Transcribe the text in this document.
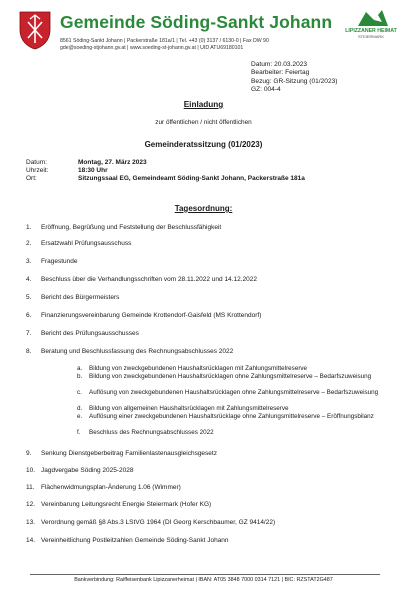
Gemeinde Söding-Sankt Johann
8561 Söding-Sankt Johann | Packerstraße 181a/1 | Tel. +43 (0) 3137 / 6130-0 | Fax DW 90
gde@soeding-stjohann.gv.at | www.soeding-st-johann.gv.at | UID ATU69180101
LIPIZZANER HEIMAT
STEIERMARK
Datum: 20.03.2023
Bearbeiter: Feiertag
Bezug: GR-Sitzung (01/2023)
GZ: 004-4
Einladung
zur öffentlichen / nicht öffentlichen
Gemeinderatssitzung (01/2023)
Datum:	Montag, 27. März 2023
Uhrzeit:	18:30 Uhr
Ort:	Sitzungssaal EG, Gemeindeamt Söding-Sankt Johann, Packerstraße 181a
Tagesordnung:
1.	Eröffnung, Begrüßung und Feststellung der Beschlussfähigkeit
2.	Ersatzwahl Prüfungsausschuss
3.	Fragestunde
4.	Beschluss über die Verhandlungsschriften vom 28.11.2022 und 14.12.2022
5.	Bericht des Bürgermeisters
6.	Finanzierungsvereinbarung Gemeinde Krottendorf-Gaisfeld (MS Krottendorf)
7.	Bericht des Prüfungsausschusses
8.	Beratung und Beschlussfassung des Rechnungsabschlusses 2022
a.	Bildung von zweckgebundenen Haushaltsrücklagen mit Zahlungsmittelreserve
b.	Bildung von zweckgebundenen Haushaltsrücklagen ohne Zahlungsmittelreserve – Bedarfszuweisung
c.	Auflösung von zweckgebundenen Haushaltsrücklagen ohne Zahlungsmittelreserve – Bedarfszuweisung
d.	Bildung von allgemeinen Haushaltsrücklagen mit Zahlungsmittelreserve
e.	Auflösung einer zweckgebundenen Haushaltsrücklage ohne Zahlungsmittelreserve – Eröffnungsbilanz
f.	Beschluss des Rechnungsabschlusses 2022
9.	Senkung Dienstgeberbeitrag Familienlastenausgleichsgesetz
10. Jagdvergabe Söding 2025-2028
11. Flächenwidmungsplan-Änderung 1.06 (Wimmer)
12. Vereinbarung Leitungsrecht Energie Steiermark (Hofer KG)
13. Verordnung gemäß §8 Abs.3 LStVG 1964 (DI Georg Kerschbaumer, GZ 9414/22)
14. Vereinheitlichung Postleitzahlen Gemeinde Söding-Sankt Johann
Bankverbindung: Raiffeisenbank Lipizzanerheimat | IBAN: AT05 3848 7000 0314 7121 | BIC: RZSTAT2G487
